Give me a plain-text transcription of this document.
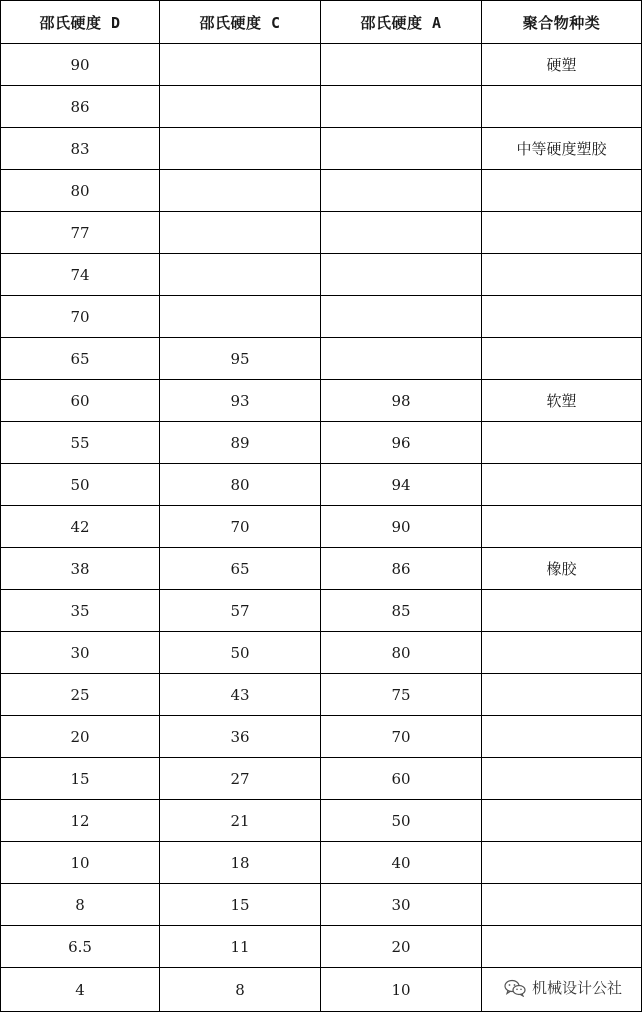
邵氏硬度 D	邵氏硬度 C	邵氏硬度 A	聚合物种类
90			硬塑
86			
83			中等硬度塑胶
80			
77			
74			
70			
65	95		
60	93	98	软塑
55	89	96	
50	80	94	
42	70	90	
38	65	86	橡胶
35	57	85	
30	50	80	
25	43	75	
20	36	70	
15	27	60	
12	21	50	
10	18	40	
8	15	30	
6.5	11	20	
4	8	10		机械设计公社
